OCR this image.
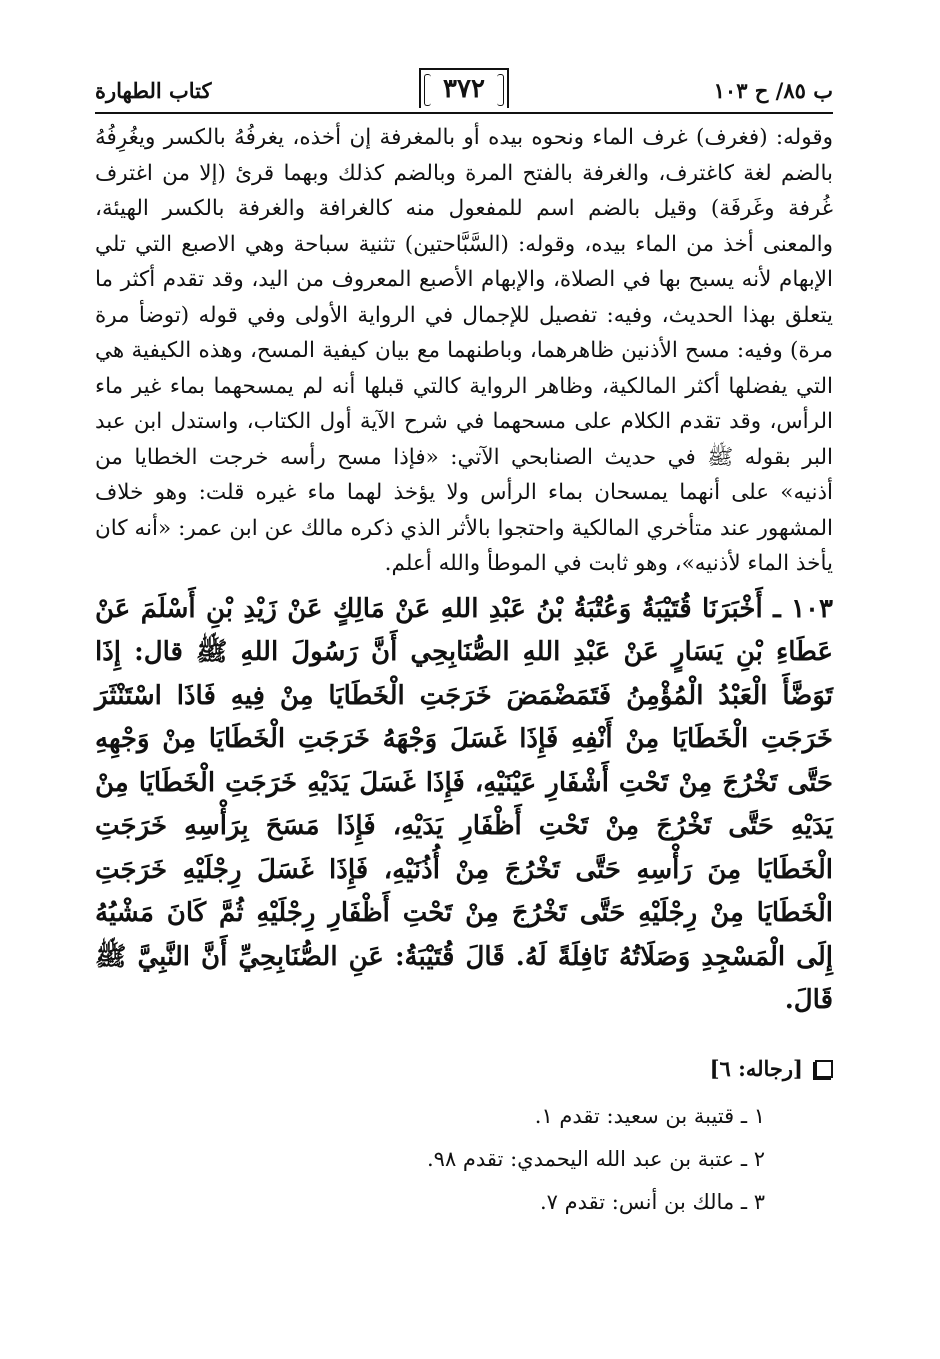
ب ٨٥/ ح ١٠٣
٣٧٢
كتاب الطهارة

وقوله: (فغرف) غرف الماء ونحوه بيده أو بالمغرفة إن أخذه، يغرفُهُ بالكسر ويغُرِفُهُ بالضم لغة كاغترف، والغرفة بالفتح المرة وبالضم كذلك وبهما قرئ (إلا من اغترف غُرفة وغَرفَة) وقيل بالضم اسم للمفعول منه كالغرافة والغرفة بالكسر الهيئة، والمعنى أخذ من الماء بيده، وقوله: (السَّبَّاحتين) تثنية سباحة وهي الاصبع التي تلي الإبهام لأنه يسبح بها في الصلاة، والإبهام الأصبع المعروف من اليد، وقد تقدم أكثر ما يتعلق بهذا الحديث، وفيه: تفصيل للإجمال في الرواية الأولى وفي قوله (توضأ مرة مرة) وفيه: مسح الأذنين ظاهرهما، وباطنهما مع بيان كيفية المسح، وهذه الكيفية هي التي يفضلها أكثر المالكية، وظاهر الرواية كالتي قبلها أنه لم يمسحهما بماء غير ماء الرأس، وقد تقدم الكلام على مسحهما في شرح الآية أول الكتاب، واستدل ابن عبد البر بقوله ﷺ في حديث الصنابحي الآتي: «فإذا مسح رأسه خرجت الخطايا من أذنيه» على أنهما يمسحان بماء الرأس ولا يؤخذ لهما ماء غيره قلت: وهو خلاف المشهور عند متأخري المالكية واحتجوا بالأثر الذي ذكره مالك عن ابن عمر: «أنه كان يأخذ الماء لأذنيه»، وهو ثابت في الموطأ والله أعلم.

١٠٣ ـ أَخْبَرَنَا قُتَيْبَةُ وَعُتْبَةُ بْنُ عَبْدِ اللهِ عَنْ مَالِكٍ عَنْ زَيْدِ بْنِ أَسْلَمَ عَنْ عَطَاءِ بْنِ يَسَارٍ عَنْ عَبْدِ اللهِ الصُّنَابِحِي أَنَّ رَسُولَ اللهِ ﷺ قال: إِذَا تَوَضَّأَ الْعَبْدُ الْمُؤْمِنُ فَتَمَضْمَضَ خَرَجَتِ الْخَطَايَا مِنْ فِيهِ فَاذَا اسْتَنْثَرَ خَرَجَتِ الْخَطَايَا مِنْ أَنْفِهِ فَإِذَا غَسَلَ وَجْهَهُ خَرَجَتِ الْخَطَايَا مِنْ وَجْهِهِ حَتَّى تَخْرُجَ مِنْ تَحْتِ أَشْفَارِ عَيْنَيْهِ، فَإِذَا غَسَلَ يَدَيْهِ خَرَجَتِ الْخَطَايَا مِنْ يَدَيْهِ حَتَّى تَخْرُجَ مِنْ تَحْتِ أَظْفَارِ يَدَيْهِ، فَإِذَا مَسَحَ بِرَأْسِهِ خَرَجَتِ الْخَطَايَا مِنَ رَأْسِهِ حَتَّى تَخْرُجَ مِنْ أُذُنَيْهِ، فَإِذَا غَسَلَ رِجْلَيْهِ خَرَجَتِ الْخَطَايَا مِنْ رِجْلَيْهِ حَتَّى تَخْرُجَ مِنْ تَحْتِ أَظْفَارِ رِجْلَيْهِ ثُمَّ كَانَ مَشْيُهُ إِلَى الْمَسْجِدِ وَصَلَاتُهُ نَافِلَةً لَهُ. قَالَ قُتَيْبَةُ: عَنِ الصُّنَابِحِيِّ أَنَّ النَّبِيَّ ﷺ قَالَ.

[رجاله: ٦]
١ ـ قتيبة بن سعيد: تقدم ١.
٢ ـ عتبة بن عبد الله اليحمدي: تقدم ٩٨.
٣ ـ مالك بن أنس: تقدم ٧.
